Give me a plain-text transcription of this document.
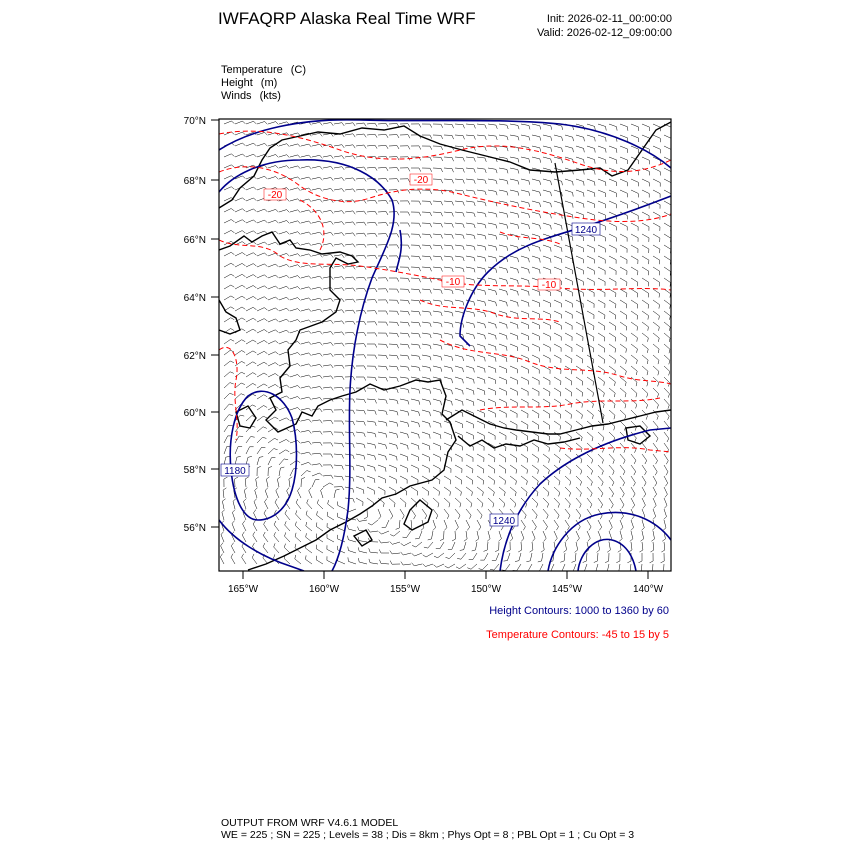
IWFAQRP Alaska Real Time WRF	Init: 2026-02-11_00:00:00
Valid: 2026-02-12_09:00:00
Temperature (C)
Height (m)
Winds (kts)
1240
1240
1180
-20
-20
-10	-10
70°N
68°N
66°N
64°N
62°N
60°N
58°N
56°N
165°W	160°W	155°W	150°W	145°W	140°W
Height Contours: 1000 to 1360 by 60
Temperature Contours: -45 to 15 by 5
OUTPUT FROM WRF V4.6.1 MODEL
WE = 225 ; SN = 225 ; Levels = 38 ; Dis = 8km ; Phys Opt = 8 ; PBL Opt = 1 ; Cu Opt = 3
